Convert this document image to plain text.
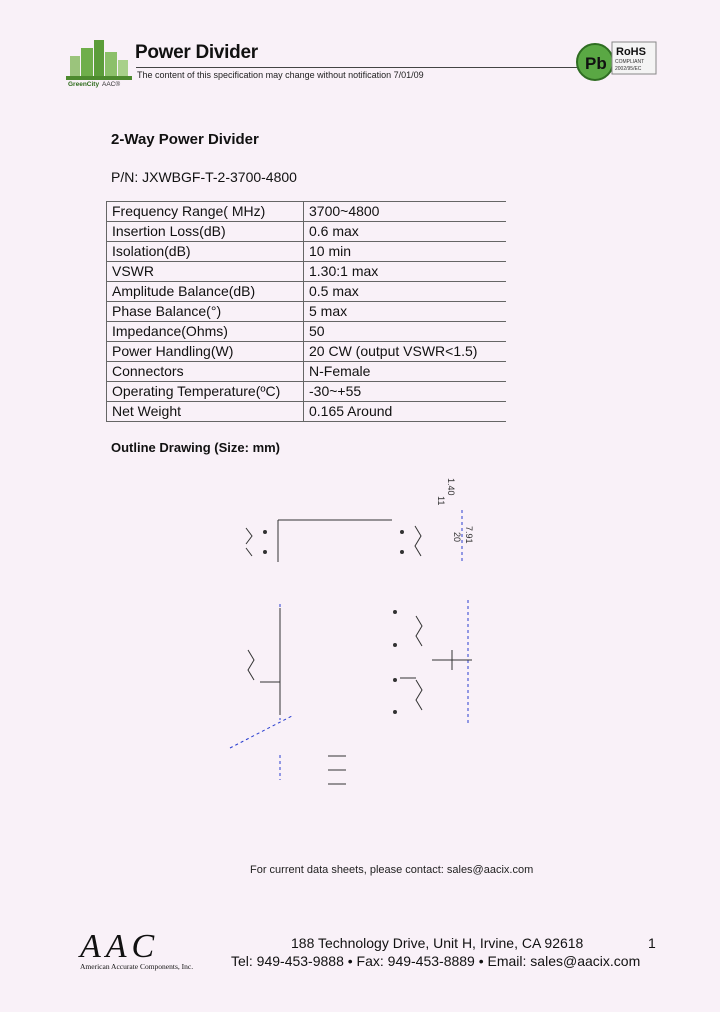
GreenCity AAC®
Power Divider
The content of this specification may change without notification 7/01/09
Pb
RoHS
COMPLIANT
2002/95/EC
2-Way Power Divider
P/N: JXWBGF-T-2-3700-4800
Frequency Range( MHz)	3700~4800
Insertion Loss(dB)	0.6 max
Isolation(dB)	10 min
VSWR	1.30:1 max
Amplitude Balance(dB)	0.5 max
Phase Balance(°)	5 max
Impedance(Ohms)	50
Power Handling(W)	20 CW (output VSWR<1.5)
Connectors	N-Female
Operating Temperature(ºC)	-30~+55
Net Weight	0.165 Around
Outline Drawing (Size: mm)
11
1.40
20 7.91
For current data sheets, please contact: sales@aacix.com
AAC
American Accurate Components, Inc.
188 Technology Drive, Unit H, Irvine, CA 92618
Tel: 949-453-9888 • Fax: 949-453-8889 • Email: sales@aacix.com
1
